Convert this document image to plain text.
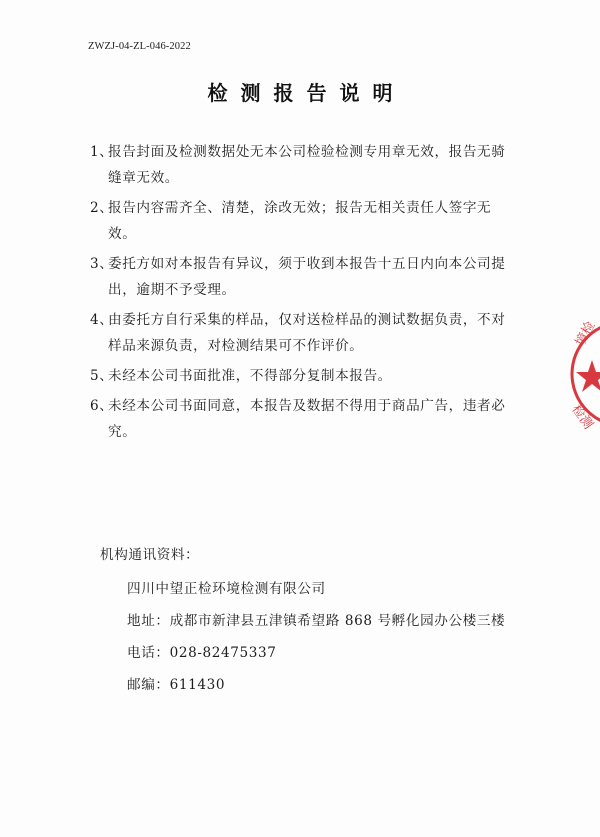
ZWZJ-04-ZL-046-2022
检测报告说明
1、
报告封面及检测数据处无本公司检验检测专用章无效，报告无骑缝章无效。
2、
报告内容需齐全、清楚，涂改无效；报告无相关责任人签字无效。
3、
委托方如对本报告有异议，须于收到本报告十五日内向本公司提出，逾期不予受理。
4、
由委托方自行采集的样品，仅对送检样品的测试数据负责，不对样品来源负责，对检测结果可不作评价。
5、
未经本公司书面批准，不得部分复制本报告。
6、
未经本公司书面同意，本报告及数据不得用于商品广告，违者必究。
机构通讯资料：
四川中望正检环境检测有限公司
地址：成都市新津县五津镇希望路 868 号孵化园办公楼三楼
电话：028-82475337
邮编：611430
境检
检测
